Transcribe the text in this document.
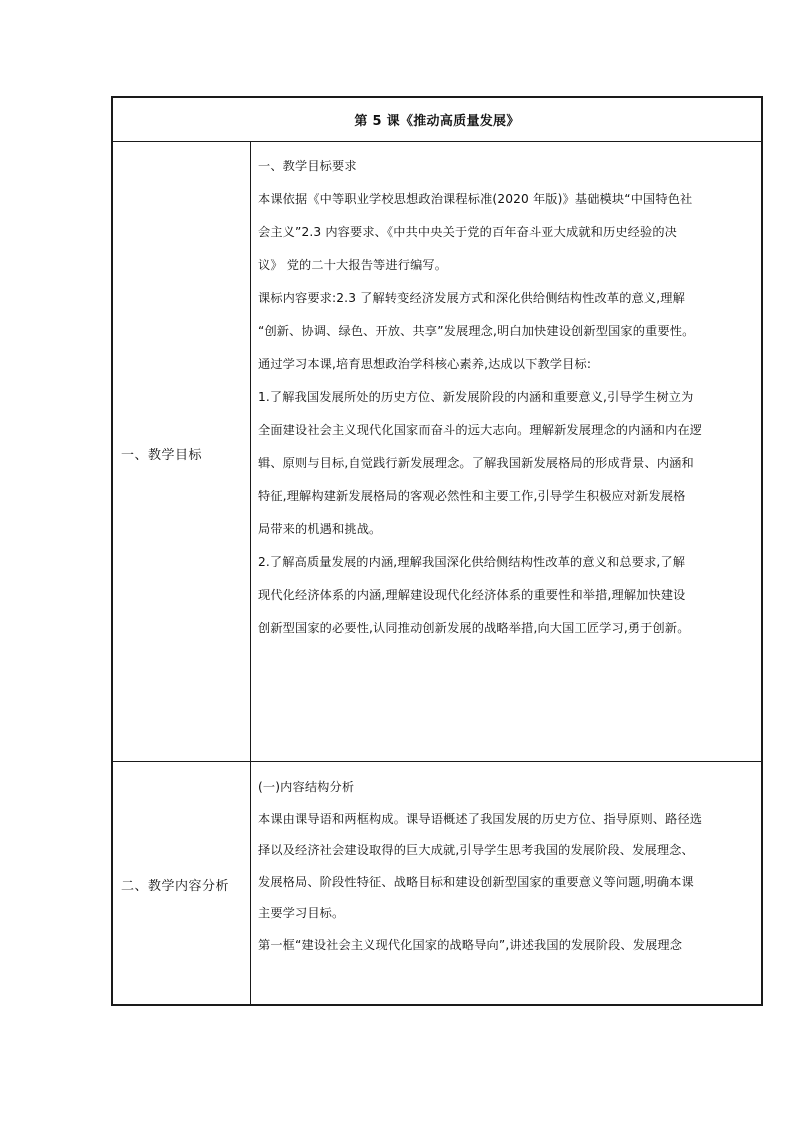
第 5 课《推动高质量发展》
一、教学目标
一、教学目标要求
本课依据《中等职业学校思想政治课程标准(2020 年版)》基础模块“中国特色社
会主义”2.3 内容要求、《中共中央关于党的百年奋斗亚大成就和历史经验的决
议》 党的二十大报告等进行编写。
课标内容要求:2.3 了解转变经济发展方式和深化供给侧结构性改革的意义,理解
“创新、协调、绿色、开放、共享”发展理念,明白加快建设创新型国家的重要性。
通过学习本课,培育思想政治学科核心素养,达成以下教学目标:
1.了解我国发展所处的历史方位、新发展阶段的内涵和重要意义,引导学生树立为
全面建设社会主义现代化国家而奋斗的远大志向。理解新发展理念的内涵和内在逻
辑、原则与目标,自觉践行新发展理念。了解我国新发展格局的形成背景、内涵和
特征,理解构建新发展格局的客观必然性和主要工作,引导学生积极应对新发展格
局带来的机遇和挑战。
2.了解高质量发展的内涵,理解我国深化供给侧结构性改革的意义和总要求,了解
现代化经济体系的内涵,理解建设现代化经济体系的重要性和举措,理解加快建设
创新型国家的必要性,认同推动创新发展的战略举措,向大国工匠学习,勇于创新。
二、教学内容分析
(一)内容结构分析
本课由课导语和两框构成。课导语概述了我国发展的历史方位、指导原则、路径选
择以及经济社会建设取得的巨大成就,引导学生思考我国的发展阶段、发展理念、
发展格局、阶段性特征、战略目标和建设创新型国家的重要意义等问题,明确本课
主要学习目标。
第一框“建设社会主义现代化国家的战略导向”,讲述我国的发展阶段、发展理念
